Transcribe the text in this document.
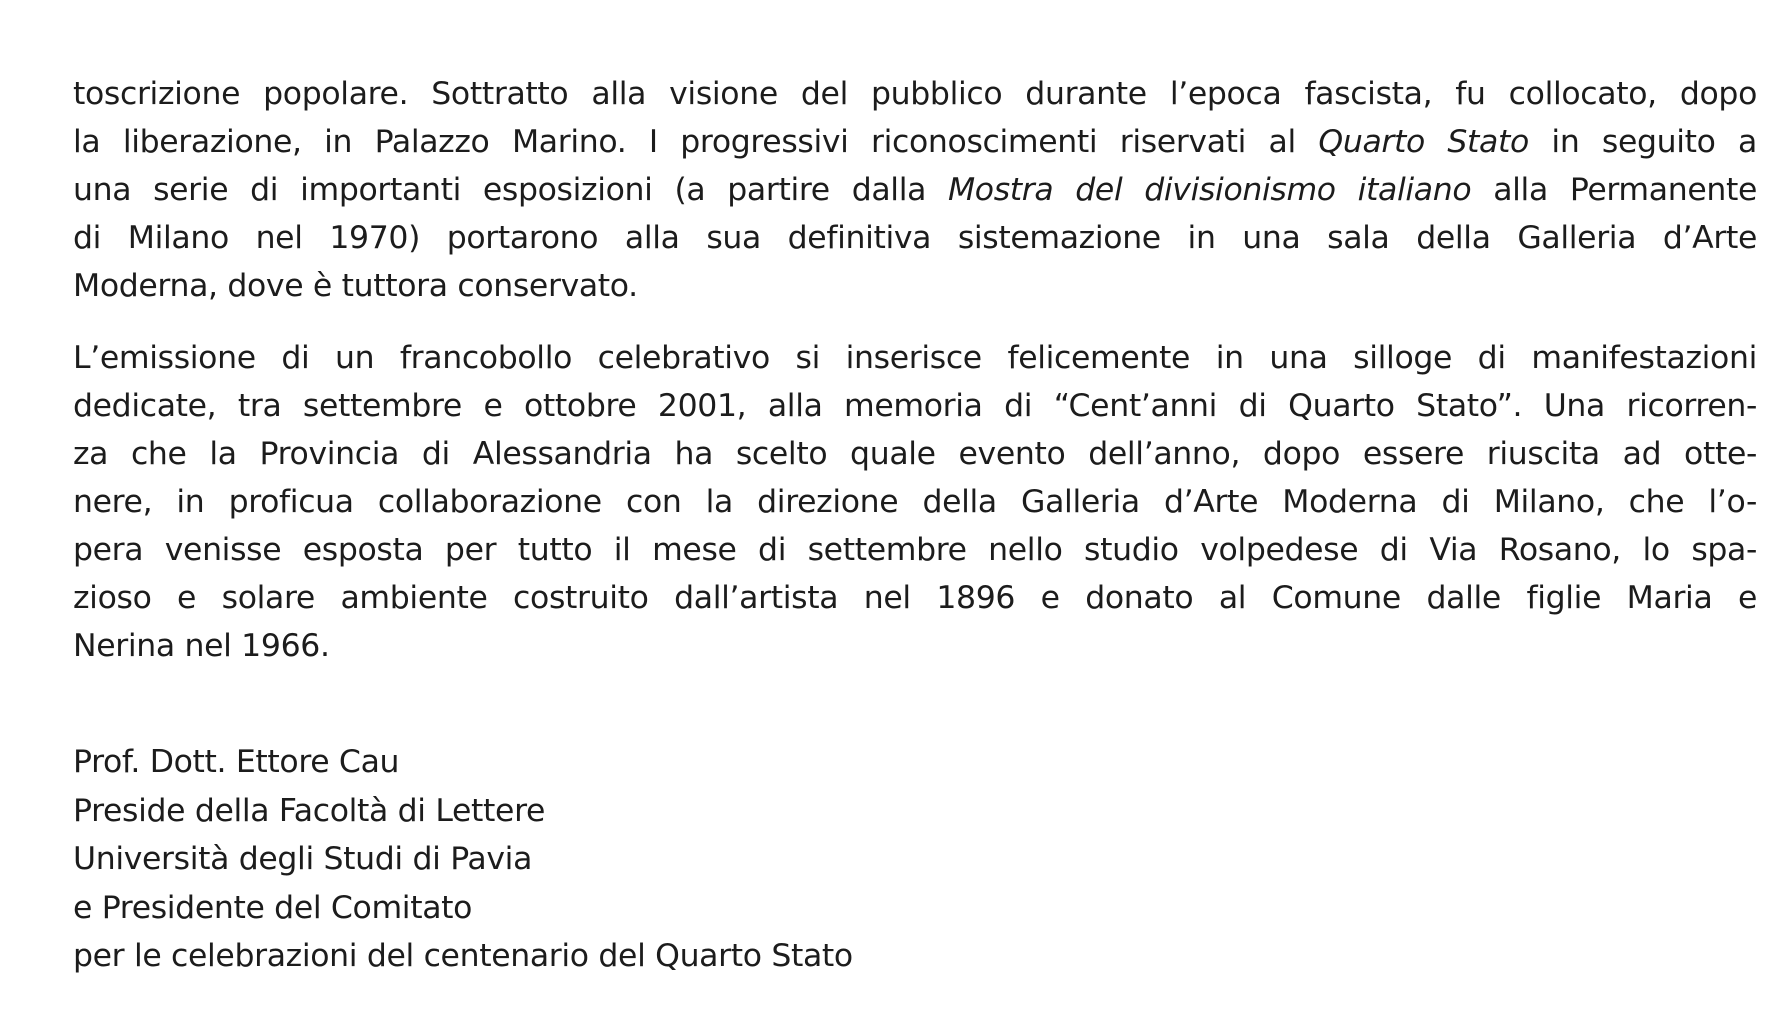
toscrizione popolare. Sottratto alla visione del pubblico durante l’epoca fascista, fu collocato, dopo
la liberazione, in Palazzo Marino. I progressivi riconoscimenti riservati al Quarto Stato in seguito a
una serie di importanti esposizioni (a partire dalla Mostra del divisionismo italiano alla Permanente
di Milano nel 1970) portarono alla sua definitiva sistemazione in una sala della Galleria d’Arte
Moderna, dove è tuttora conservato.
L’emissione di un francobollo celebrativo si inserisce felicemente in una silloge di manifestazioni
dedicate, tra settembre e ottobre 2001, alla memoria di “Cent’anni di Quarto Stato”. Una ricorren-
za che la Provincia di Alessandria ha scelto quale evento dell’anno, dopo essere riuscita ad otte-
nere, in proficua collaborazione con la direzione della Galleria d’Arte Moderna di Milano, che l’o-
pera venisse esposta per tutto il mese di settembre nello studio volpedese di Via Rosano, lo spa-
zioso e solare ambiente costruito dall’artista nel 1896 e donato al Comune dalle figlie Maria e
Nerina nel 1966.
Prof. Dott. Ettore Cau
Preside della Facoltà di Lettere
Università degli Studi di Pavia
e Presidente del Comitato
per le celebrazioni del centenario del Quarto Stato
